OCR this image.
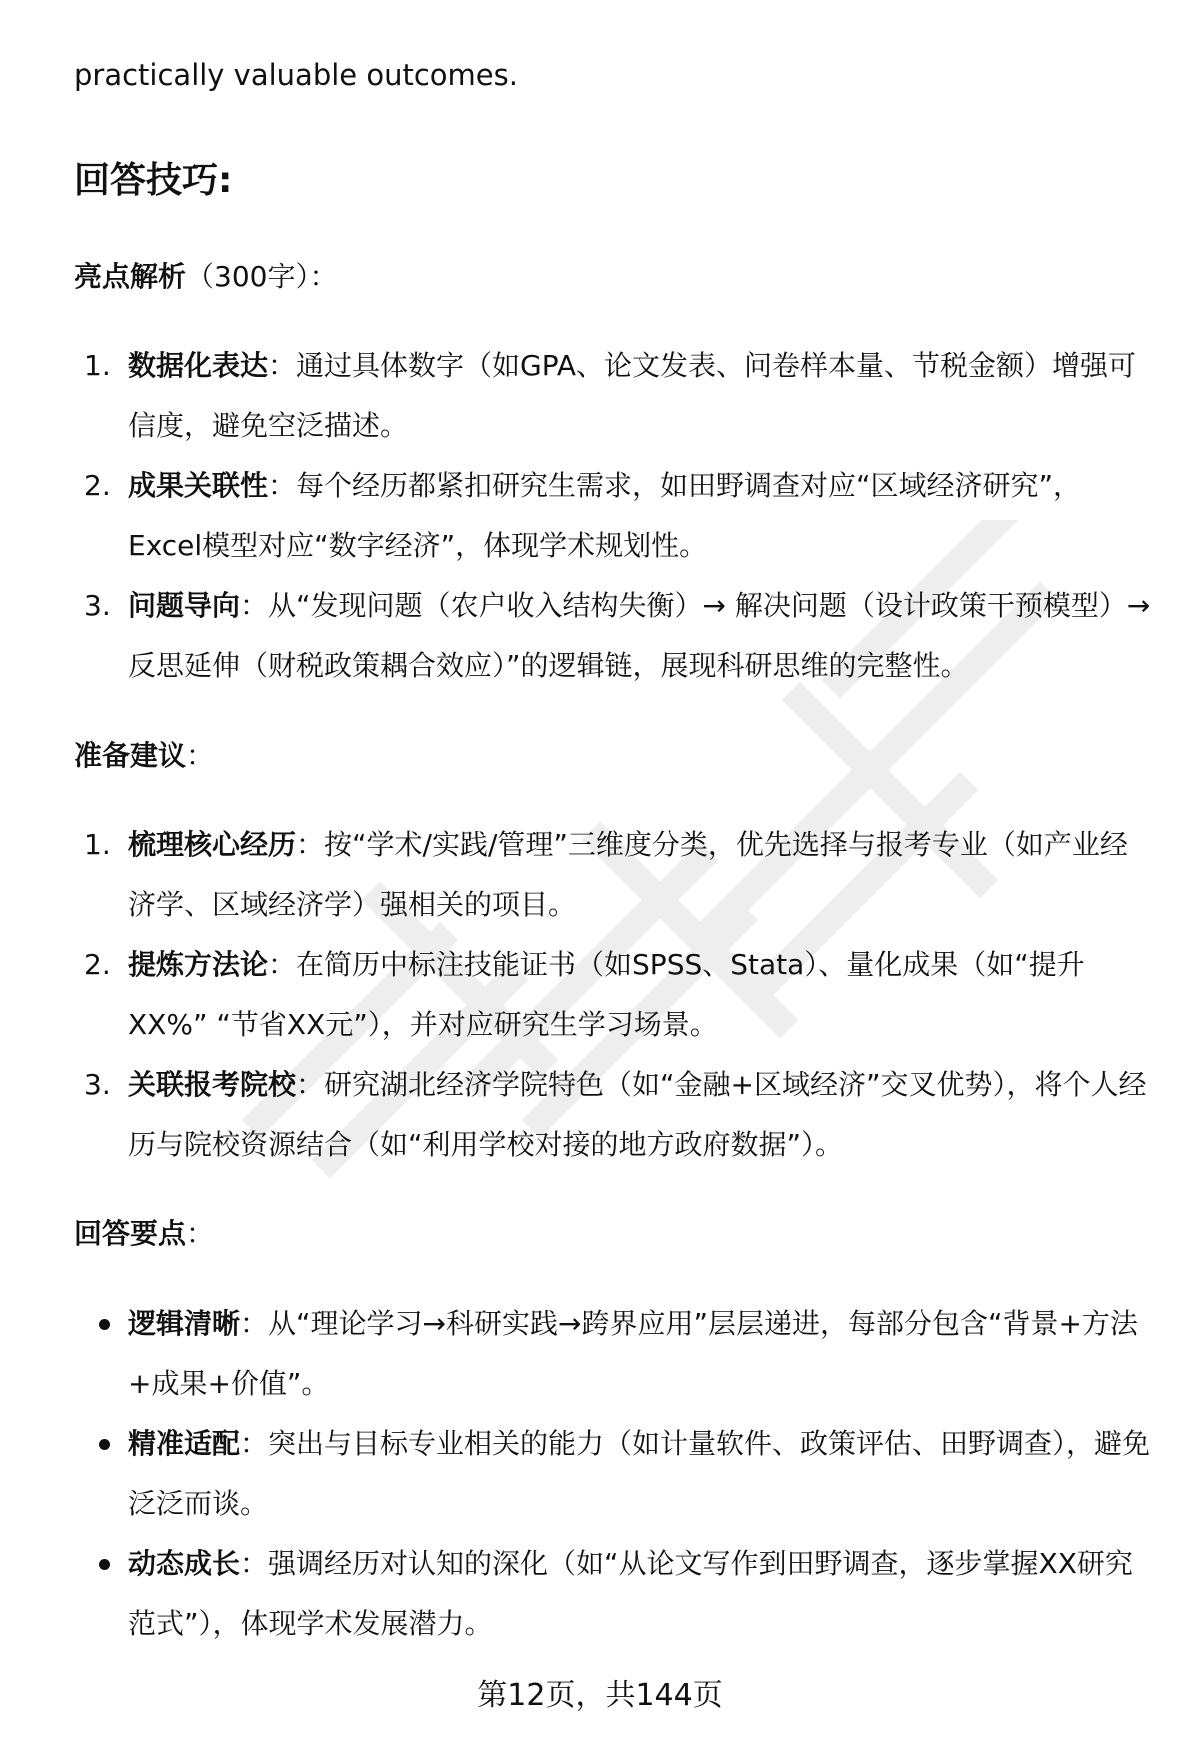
practically valuable outcomes.
回答技巧:
亮点解析（300字）：
1. 数据化表达：通过具体数字（如GPA、论文发表、问卷样本量、节税金额）增强可信度，避免空泛描述。
2. 成果关联性：每个经历都紧扣研究生需求，如田野调查对应“区域经济研究”，Excel模型对应“数字经济”，体现学术规划性。
3. 问题导向：从“发现问题（农户收入结构失衡）→ 解决问题（设计政策干预模型）→ 反思延伸（财税政策耦合效应）”的逻辑链，展现科研思维的完整性。
准备建议：
1. 梳理核心经历：按“学术/实践/管理”三维度分类，优先选择与报考专业（如产业经济学、区域经济学）强相关的项目。
2. 提炼方法论：在简历中标注技能证书（如SPSS、Stata）、量化成果（如“提升XX%” “节省XX元”），并对应研究生学习场景。
3. 关联报考院校：研究湖北经济学院特色（如“金融+区域经济”交叉优势），将个人经历与院校资源结合（如“利用学校对接的地方政府数据”）。
回答要点：
逻辑清晰：从“理论学习→科研实践→跨界应用”层层递进，每部分包含“背景+方法+成果+价值”。
精准适配：突出与目标专业相关的能力（如计量软件、政策评估、田野调查），避免泛泛而谈。
动态成长：强调经历对认知的深化（如“从论文写作到田野调查，逐步掌握XX研究范式”），体现学术发展潜力。
第12页，共144页
